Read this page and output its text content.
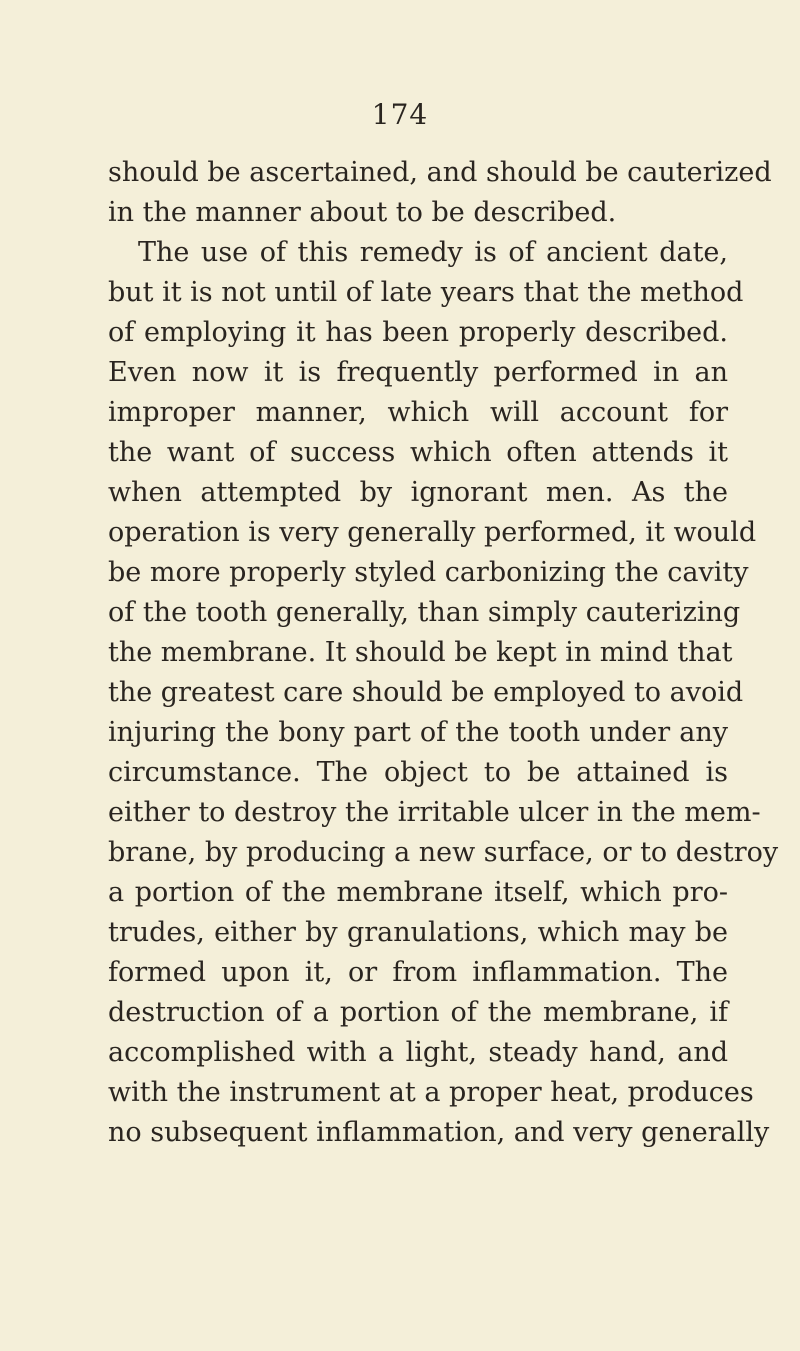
174
should be ascertained, and should be cauterized
in the manner about to be described.
The use of this remedy is of ancient date,
but it is not until of late years that the method
of employing it has been properly described.
Even now it is frequently performed in an
improper manner, which will account for
the want of success which often attends it
when attempted by ignorant men. As the
operation is very generally performed, it would
be more properly styled carbonizing the cavity
of the tooth generally, than simply cauterizing
the membrane. It should be kept in mind that
the greatest care should be employed to avoid
injuring the bony part of the tooth under any
circumstance. The object to be attained is
either to destroy the irritable ulcer in the mem-
brane, by producing a new surface, or to destroy
a portion of the membrane itself, which pro-
trudes, either by granulations, which may be
formed upon it, or from inflammation. The
destruction of a portion of the membrane, if
accomplished with a light, steady hand, and
with the instrument at a proper heat, produces
no subsequent inflammation, and very generally
